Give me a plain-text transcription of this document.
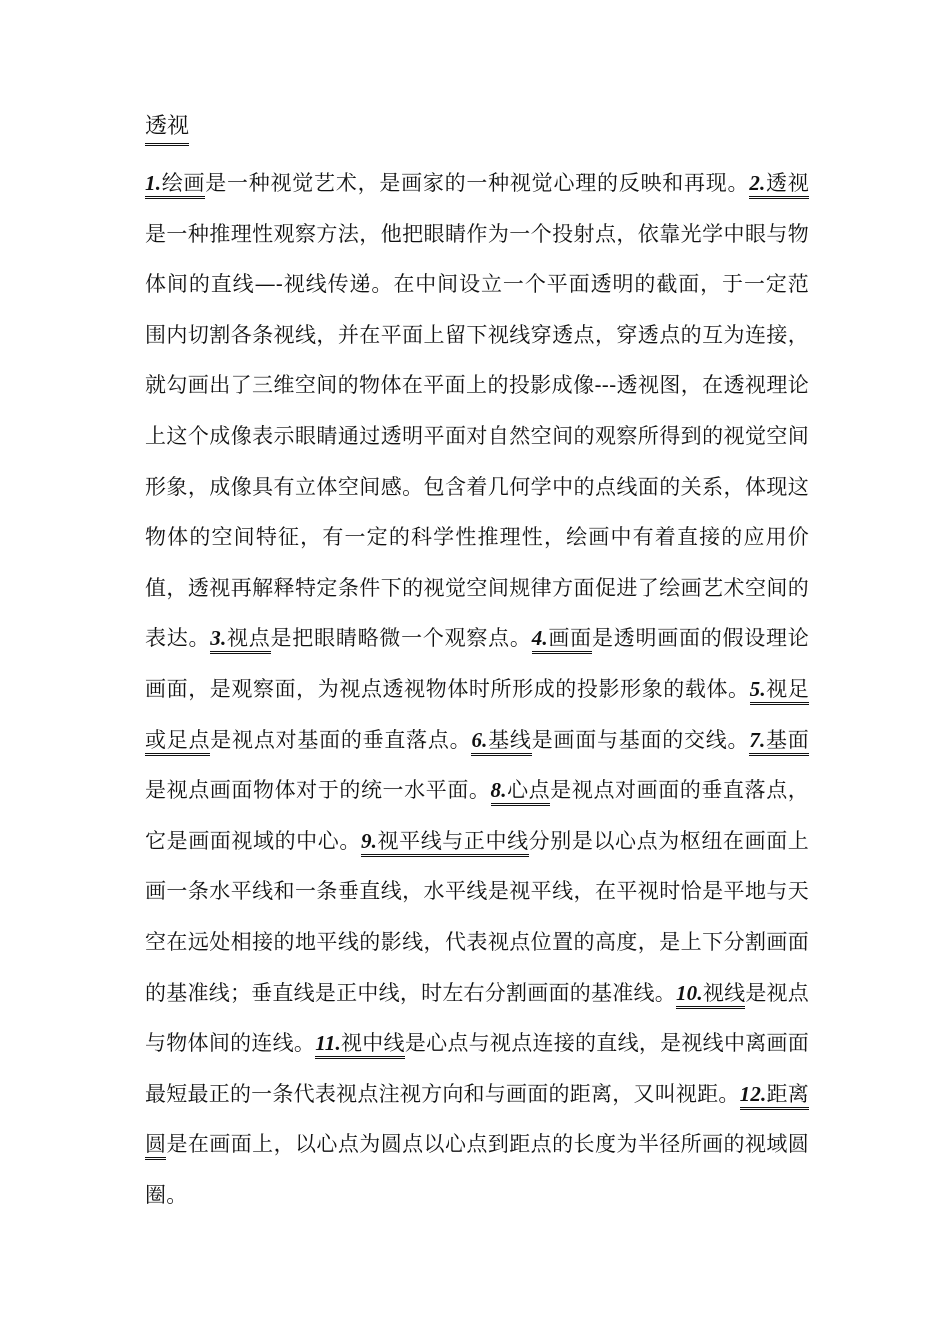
透视

1.绘画是一种视觉艺术，是画家的一种视觉心理的反映和再现。2.透视是一种推理性观察方法，他把眼睛作为一个投射点，依靠光学中眼与物体间的直线—-视线传递。在中间设立一个平面透明的截面，于一定范围内切割各条视线，并在平面上留下视线穿透点，穿透点的互为连接，就勾画出了三维空间的物体在平面上的投影成像---透视图，在透视理论上这个成像表示眼睛通过透明平面对自然空间的观察所得到的视觉空间形象，成像具有立体空间感。包含着几何学中的点线面的关系，体现这物体的空间特征，有一定的科学性推理性，绘画中有着直接的应用价值，透视再解释特定条件下的视觉空间规律方面促进了绘画艺术空间的表达。3.视点是把眼睛略微一个观察点。4.画面是透明画面的假设理论画面，是观察面，为视点透视物体时所形成的投影形象的载体。5.视足或足点是视点对基面的垂直落点。6.基线是画面与基面的交线。7.基面是视点画面物体对于的统一水平面。8.心点是视点对画面的垂直落点，它是画面视域的中心。9.视平线与正中线分别是以心点为枢纽在画面上画一条水平线和一条垂直线，水平线是视平线，在平视时恰是平地与天空在远处相接的地平线的影线，代表视点位置的高度，是上下分割画面的基准线；垂直线是正中线，时左右分割画面的基准线。10.视线是视点与物体间的连线。11.视中线是心点与视点连接的直线，是视线中离画面最短最正的一条代表视点注视方向和与画面的距离，又叫视距。12.距离圆是在画面上，以心点为圆点以心点到距点的长度为半径所画的视域圆圈。
